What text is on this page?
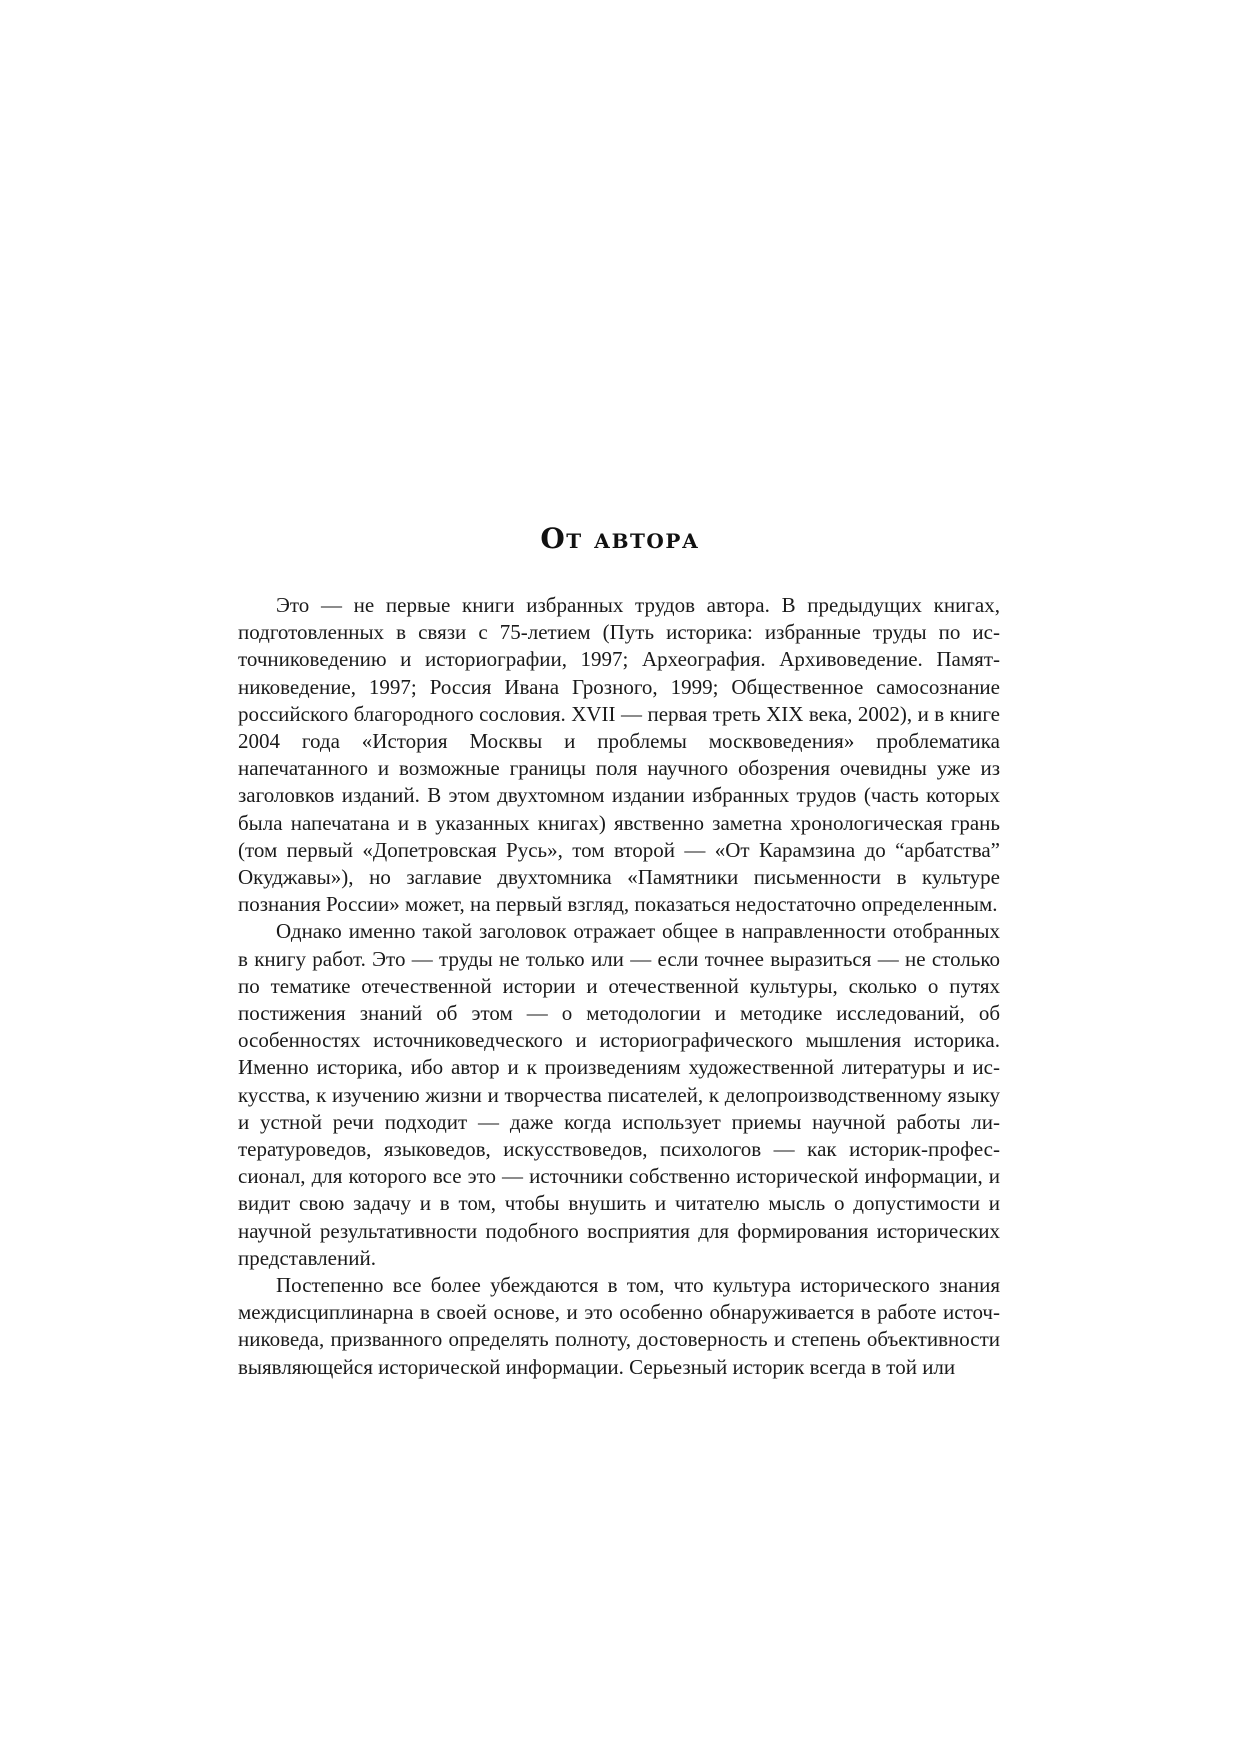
От автора

Это — не первые книги избранных трудов автора. В предыдущих книгах, подготовленных в связи с 75-летием (Путь историка: избранные труды по источниковедению и историографии, 1997; Археография. Архивоведение. Памятниковедение, 1997; Россия Ивана Грозного, 1999; Общественное самосознание российского благородного сословия. XVII — первая треть XIX века, 2002), и в книге 2004 года «История Москвы и проблемы москвоведения» проблематика напечатанного и возможные границы поля научного обозрения очевидны уже из заголовков изданий. В этом двухтомном издании избранных трудов (часть которых была напечатана и в указанных книгах) явственно заметна хронологическая грань (том первый «Допетровская Русь», том второй — «От Карамзина до “арбатства” Окуджавы»), но заглавие двухтомника «Памятники письменности в культуре познания России» может, на первый взгляд, показаться недостаточно определенным.

Однако именно такой заголовок отражает общее в направленности отобранных в книгу работ. Это — труды не только или — если точнее выразиться — не столько по тематике отечественной истории и отечественной культуры, сколько о путях постижения знаний об этом — о методологии и методике исследований, об особенностях источниковедческого и историографического мышления историка. Именно историка, ибо автор и к произведениям художественной литературы и искусства, к изучению жизни и творчества писателей, к делопроизводственному языку и устной речи подходит — даже когда использует приемы научной работы литературоведов, языковедов, искусствоведов, психологов — как историк-профессионал, для которого все это — источники собственно исторической информации, и видит свою задачу и в том, чтобы внушить и читателю мысль о допустимости и научной результативности подобного восприятия для формирования исторических представлений.

Постепенно все более убеждаются в том, что культура исторического знания междисциплинарна в своей основе, и это особенно обнаруживается в работе источниковеда, призванного определять полноту, достоверность и степень объективности выявляющейся исторической информации. Серьезный историк всегда в той или
